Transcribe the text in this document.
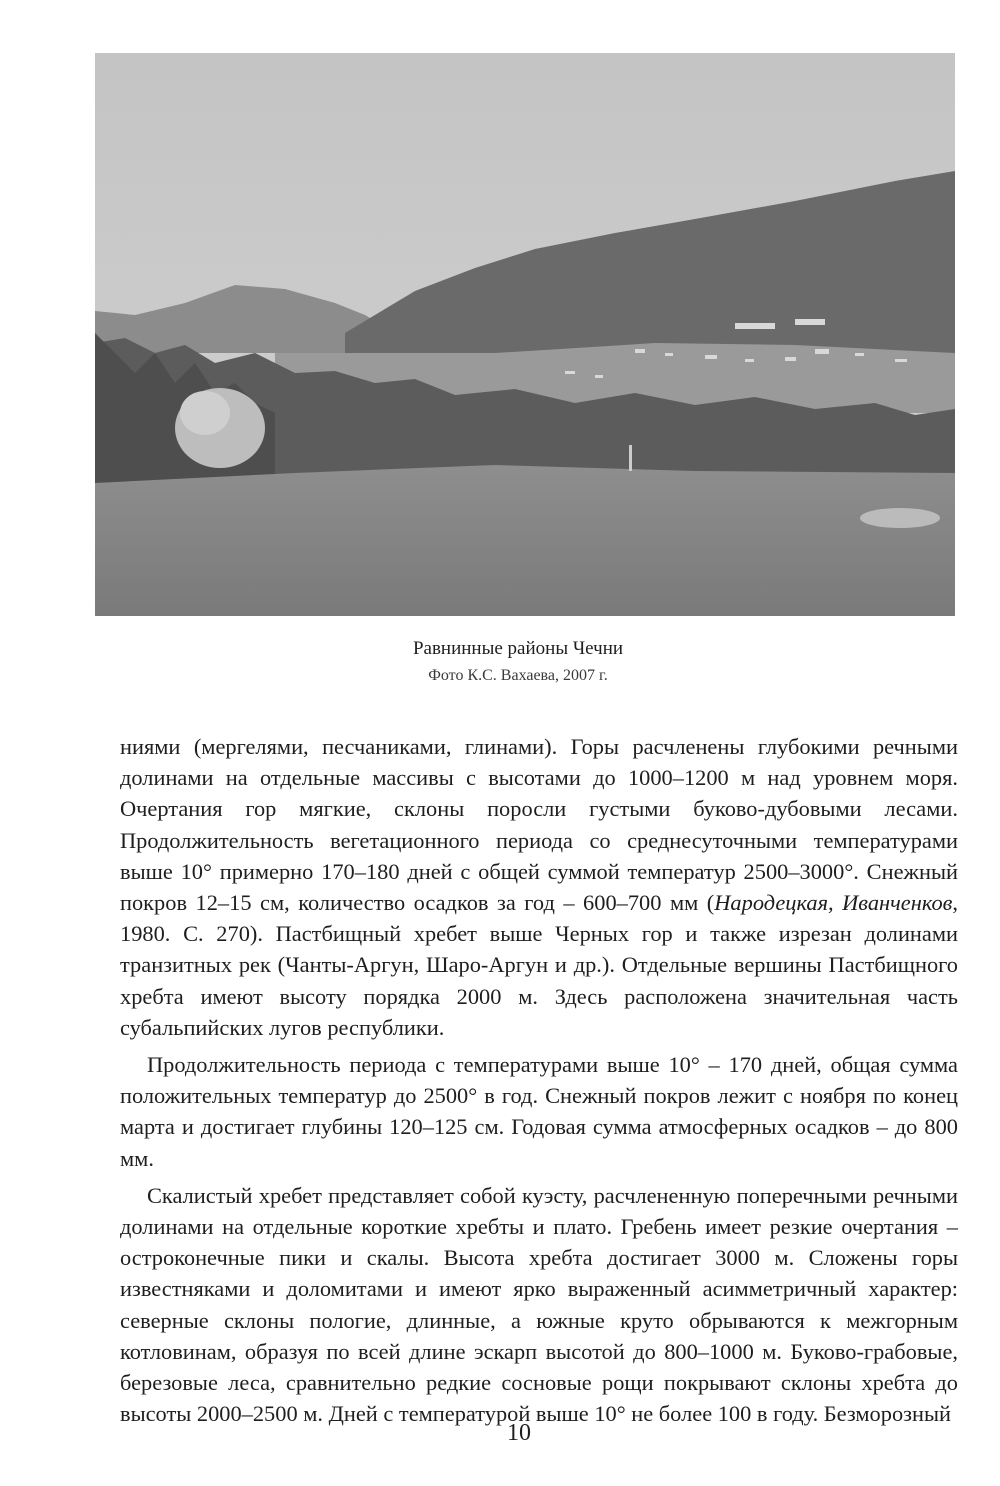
Равнинные районы Чечни
Фото К.С. Вахаева, 2007 г.

ниями (мергелями, песчаниками, глинами). Горы расчленены глубокими речными долинами на отдельные массивы с высотами до 1000–1200 м над уровнем моря. Очертания гор мягкие, склоны поросли густыми буково-дубовыми лесами. Продолжительность вегетационного периода со среднесуточными температурами выше 10° примерно 170–180 дней с общей суммой температур 2500–3000°. Снежный покров 12–15 см, количество осадков за год – 600–700 мм (Народецкая, Иванченков, 1980. С. 270). Пастбищный хребет выше Черных гор и также изрезан долинами транзитных рек (Чанты-Аргун, Шаро-Аргун и др.). Отдельные вершины Пастбищного хребта имеют высоту порядка 2000 м. Здесь расположена значительная часть субальпийских лугов республики.

Продолжительность периода с температурами выше 10° – 170 дней, общая сумма положительных температур до 2500° в год. Снежный покров лежит с ноября по конец марта и достигает глубины 120–125 см. Годовая сумма атмосферных осадков – до 800 мм.

Скалистый хребет представляет собой куэсту, расчлененную поперечными речными долинами на отдельные короткие хребты и плато. Гребень имеет резкие очертания – остроконечные пики и скалы. Высота хребта достигает 3000 м. Сложены горы известняками и доломитами и имеют ярко выраженный асимметричный характер: северные склоны пологие, длинные, а южные круто обрываются к межгорным котловинам, образуя по всей длине эскарп высотой до 800–1000 м. Буково-грабовые, березовые леса, сравнительно редкие сосновые рощи покрывают склоны хребта до высоты 2000–2500 м. Дней с температурой выше 10° не более 100 в году. Безморозный

10
